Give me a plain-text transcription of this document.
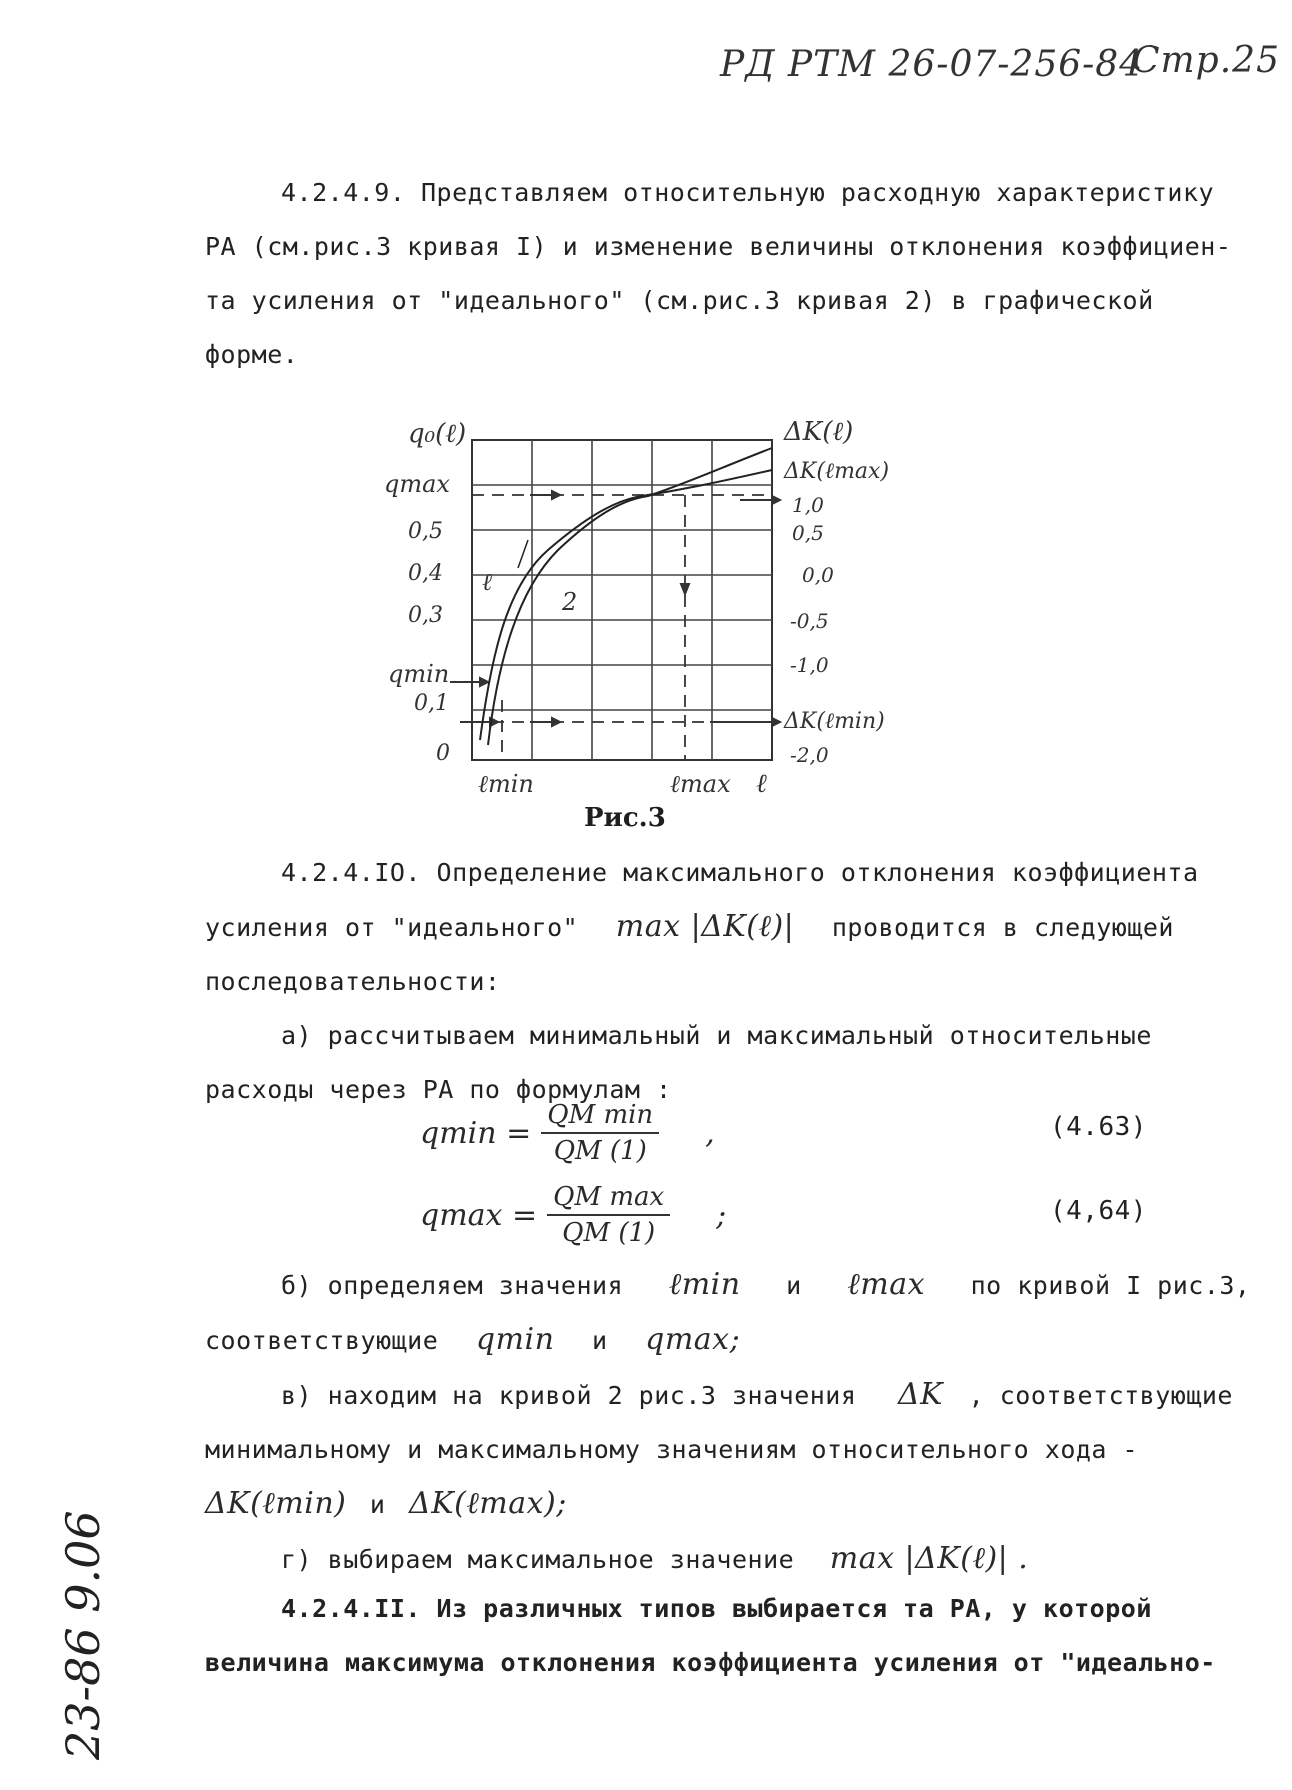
РД РТМ 26-07-256-84
Стр.25
4.2.4.9. Представляем относительную расходную характеристику
РА (см.рис.3 кривая I) и изменение величины отклонения коэффициен-
та усиления от "идеального" (см.рис.3 кривая 2) в графической
форме.
q₀(ℓ)
qmax
0,5
0,4
0,3
qmin
0,1
0
ΔK(ℓ)
ΔK(ℓmax)
1,0
0,5
0,0
-0,5
-1,0
ΔK(ℓmin)
-2,0
ℓmin	ℓmax ℓ
ℓ
2
Рис.3
4.2.4.IO. Определение максимального отклонения коэффициента
усиления от "идеального" max |ΔK(ℓ)| проводится в следующей
последовательности:
а) рассчитываем минимальный и максимальный относительные
расходы через РА по формулам :
$qmin = \frac{\text{QM min}}{QM (1)}$ ,	(4.63)
$qmax = \frac{\text{QM max}}{QM (1)}$ ;	(4,64)
б) определяем значения ℓmin и ℓmax по кривой I рис.3,
соответствующие qmin и qmax;
в) находим на кривой 2 рис.3 значения ΔK , соответствующие
минимальному и максимальному значениям относительного хода -
ΔK(ℓmin) и ΔK(ℓmax);
г) выбираем максимальное значение max |ΔK(ℓ)| .
4.2.4.II. Из различных типов выбирается та РА, у которой
величина максимума отклонения коэффициента усиления от "идеально-
23-86 9.06
